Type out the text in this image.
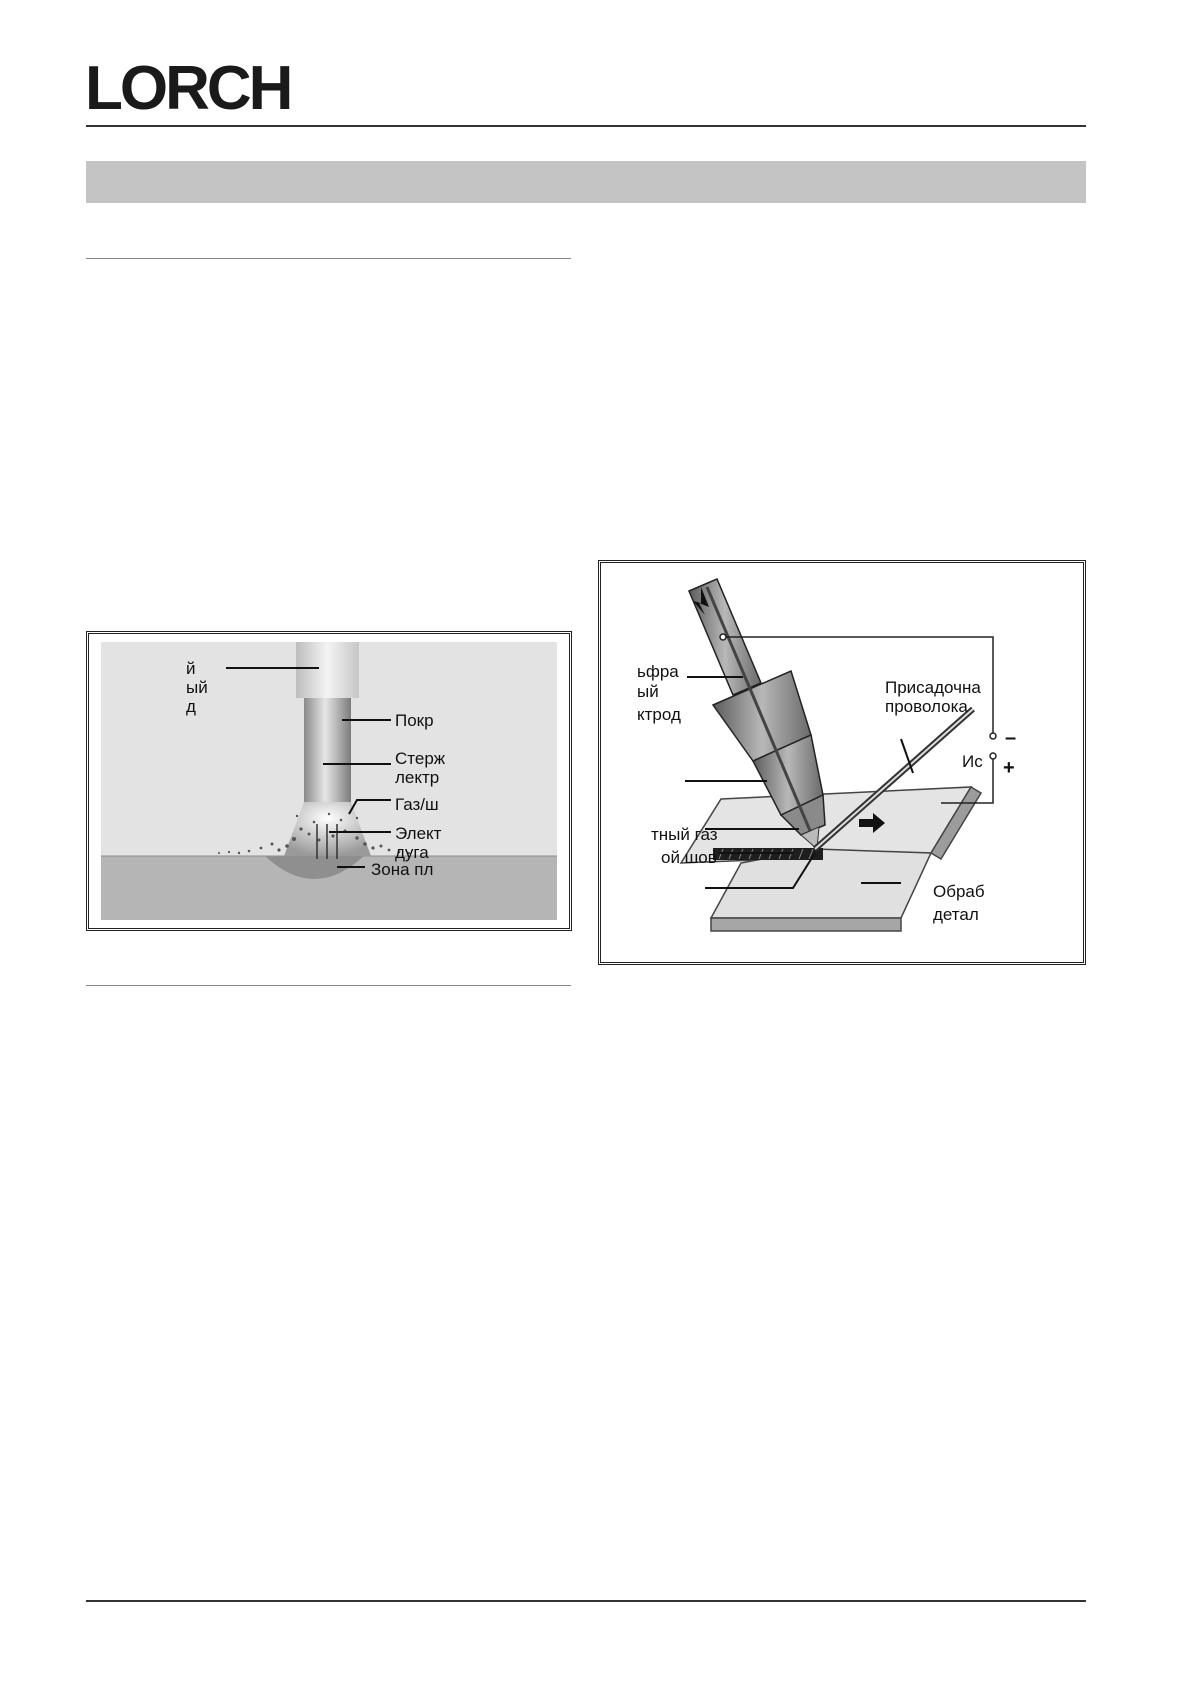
LORCH
й
ый
д
Покр
Стерж
лектр
Газ/ш
Элект
дуга
Зона пл
ьфра
ый
ктрод
Присадочна
проволока
Ис
–
+
тный газ
ой шов
Обраб
детал
